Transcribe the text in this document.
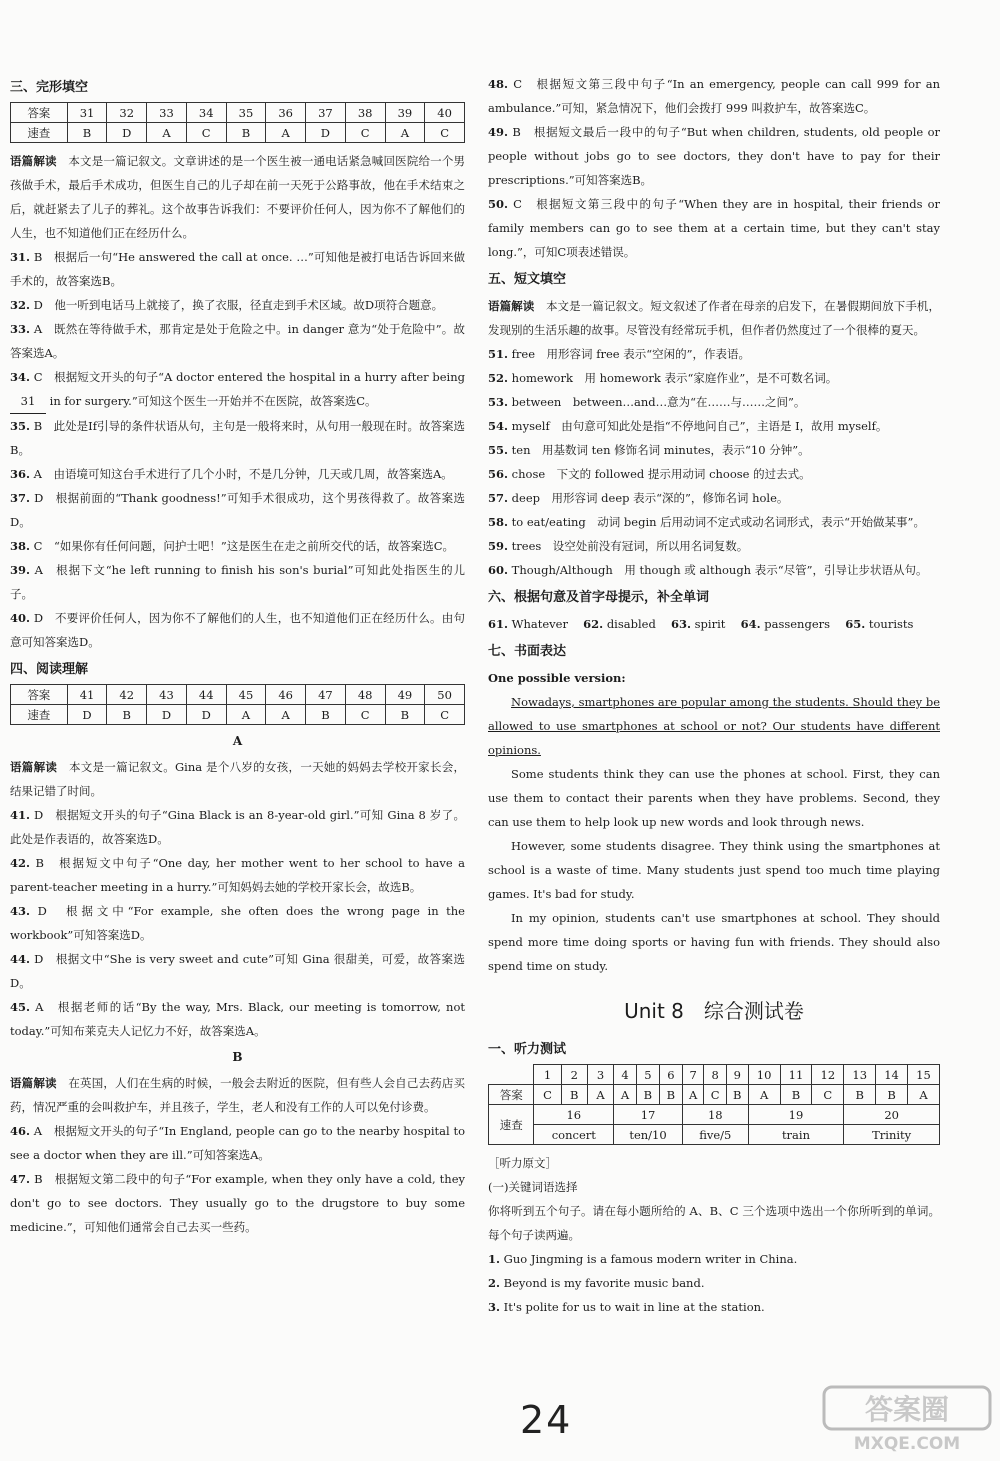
三、完形填空
答案	31	32	33	34	35	36	37	38	39	40
速查	B	D	A	C	B	A	D	C	A	C

语篇解读　 本文是一篇记叙文。文章讲述的是一个医生被一通电话紧急喊回医院给一个男孩做手术，最后手术成功，但医生自己的儿子却在前一天死于公路事故，他在手术结束之后，就赶紧去了儿子的葬礼。这个故事告诉我们：不要评价任何人，因为你不了解他们的人生，也不知道他们正在经历什么。

31. B　根据后一句“He answered the call at once. …”可知他是被打电话告诉回来做手术的，故答案选B。

32. D　他一听到电话马上就接了，换了衣服，径直走到手术区域。故D项符合题意。

33. A　既然在等待做手术，那肯定是处于危险之中。in danger 意为“处于危险中”。故答案选A。

34. C　根据短文开头的句子“A doctor entered the hospital in a hurry after being 31 in for surgery.”可知这个医生一开始并不在医院，故答案选C。

35. B　此处是If引导的条件状语从句，主句是一般将来时，从句用一般现在时。故答案选B。

36. A　由语境可知这台手术进行了几个小时，不是几分钟，几天或几周，故答案选A。

37. D　根据前面的“Thank goodness!”可知手术很成功，这个男孩得救了。故答案选D。

38. C　“如果你有任何问题，问护士吧！”这是医生在走之前所交代的话，故答案选C。

39. A　根据下文“he left running to finish his son's burial”可知此处指医生的儿子。

40. D　不要评价任何人，因为你不了解他们的人生，也不知道他们正在经历什么。由句意可知答案选D。

四、阅读理解
答案	41	42	43	44	45	46	47	48	49	50
速查	D	B	D	D	A	A	B	C	B	C
A

语篇解读　 本文是一篇记叙文。Gina 是个八岁的女孩，一天她的妈妈去学校开家长会，结果记错了时间。

41. D　根据短文开头的句子“Gina Black is an 8-year-old girl.”可知 Gina 8 岁了。此处是作表语的，故答案选D。

42. B　根据短文中句子“One day, her mother went to her school to have a parent-teacher meeting in a hurry.”可知妈妈去她的学校开家长会，故选B。

43. D　根据文中“For example, she often does the wrong page in the workbook”可知答案选D。

44. D　根据文中“She is very sweet and cute”可知 Gina 很甜美，可爱，故答案选D。

45. A　根据老师的话“By the way, Mrs. Black, our meeting is tomorrow, not today.”可知布莱克夫人记忆力不好，故答案选A。

B

语篇解读　 在英国，人们在生病的时候，一般会去附近的医院，但有些人会自己去药店买药，情况严重的会叫救护车，并且孩子，学生，老人和没有工作的人可以免付诊费。

46. A　根据短文开头的句子“In England, people can go to the nearby hospital to see a doctor when they are ill.”可知答案选A。

47. B　根据短文第二段中的句子“For example, when they only have a cold, they don't go to see doctors. They usually go to the drugstore to buy some medicine.”，可知他们通常会自己去买一些药。

48. C　根据短文第三段中句子“In an emergency, people can call 999 for an ambulance.”可知，紧急情况下，他们会拨打 999 叫救护车，故答案选C。

49. B　根据短文最后一段中的句子“But when children, students, old people or people without jobs go to see doctors, they don't have to pay for their prescriptions.”可知答案选B。

50. C　根据短文第三段中的句子“When they are in hospital, their friends or family members can go to see them at a certain time, but they can't stay long.”，可知C项表述错误。

五、短文填空

语篇解读　 本文是一篇记叙文。短文叙述了作者在母亲的启发下，在暑假期间放下手机，发现别的生活乐趣的故事。尽管没有经常玩手机，但作者仍然度过了一个很棒的夏天。

51. free　用形容词 free 表示“空闲的”，作表语。

52. homework　用 homework 表示“家庭作业”，是不可数名词。

53. between　between…and…意为“在……与……之间”。

54. myself　由句意可知此处是指“不停地问自己”，主语是 I，故用 myself。

55. ten　用基数词 ten 修饰名词 minutes，表示“10 分钟”。

56. chose　下文的 followed 提示用动词 choose 的过去式。

57. deep　用形容词 deep 表示“深的”，修饰名词 hole。

58. to eat/eating　动词 begin 后用动词不定式或动名词形式，表示“开始做某事”。

59. trees　设空处前没有冠词，所以用名词复数。

60. Though/Although　用 though 或 although 表示“尽管”，引导让步状语从句。

六、根据句意及首字母提示，补全单词

61. Whatever　 62. disabled　 63. spirit　 64. passengers　 65. tourists

七、书面表达

One possible version:

Nowadays, smartphones are popular among the students. Should they be allowed to use smartphones at school or not? Our students have different opinions.

Some students think they can use the phones at school. First, they can use them to contact their parents when they have problems. Second, they can use them to help look up new words and look through news.

However, some students disagree. They think using the smartphones at school is a waste of time. Many students just spend too much time playing games. It's bad for study.

In my opinion, students can't use smartphones at school. They should spend more time doing sports or having fun with friends. They should also spend time on study.

Unit 8　综合测试卷
一、听力测试
	1	2	3	4	5	6	7	8	9	10	11	12	13	14	15
答案	C	B	A	A	B	B	A	C	B	A	B	C	B	B	A
速查	16			17			18			19			20		
	concert			ten/10			five/5			train			Trinity		

［听力原文］

(一)关键词语选择

你将听到五个句子。请在每小题所给的 A、B、C 三个选项中选出一个你所听到的单词。每个句子读两遍。

1. Guo Jingming is a famous modern writer in China.

2. Beyond is my favorite music band.

3. It's polite for us to wait in line at the station.

24	答案圈
MXQE.COM
